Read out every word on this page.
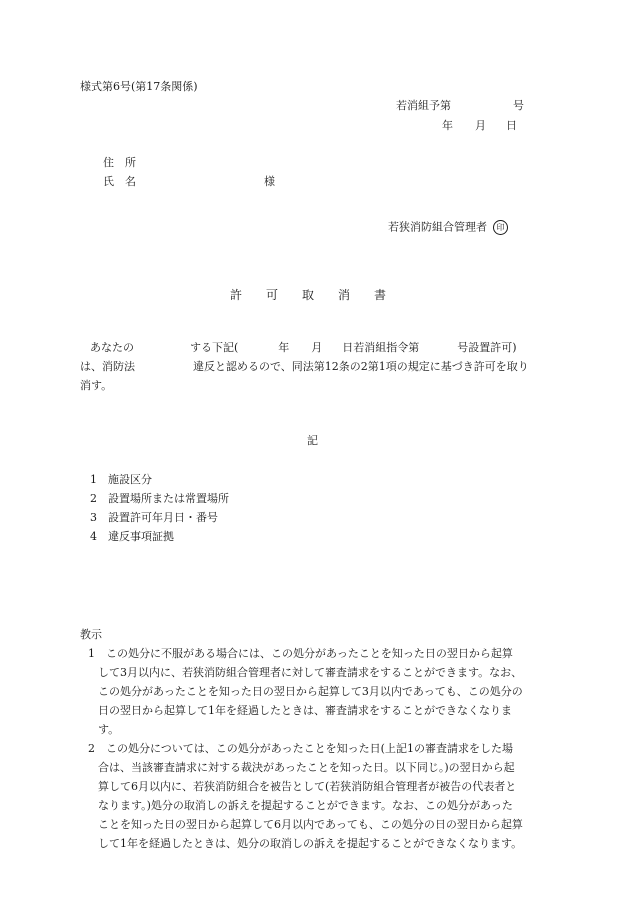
様式第6号(第17条関係)
若消組予第	号
年 月 日
住　所
氏　名	様
若狭消防組合管理者 印
許　　可　　取　　消　　書
あなたの	する下記(	年 月 日若消組指令第	号設置許可)
は、消防法	違反と認めるので、同法第12条の2第1項の規定に基づき許可を取り
消す。
記
1 施設区分
2 設置場所または常置場所
3 設置許可年月日・番号
4 違反事項証拠
教示
1　この処分に不服がある場合には、この処分があったことを知った日の翌日から起算
して3月以内に、若狭消防組合管理者に対して審査請求をすることができます。なお、
この処分があったことを知った日の翌日から起算して3月以内であっても、この処分の
日の翌日から起算して1年を経過したときは、審査請求をすることができなくなりま
す。
2　この処分については、この処分があったことを知った日(上記1の審査請求をした場
合は、当該審査請求に対する裁決があったことを知った日。以下同じ。)の翌日から起
算して6月以内に、若狭消防組合を被告として(若狭消防組合管理者が被告の代表者と
なります。)処分の取消しの訴えを提起することができます。なお、この処分があった
ことを知った日の翌日から起算して6月以内であっても、この処分の日の翌日から起算
して1年を経過したときは、処分の取消しの訴えを提起することができなくなります。
